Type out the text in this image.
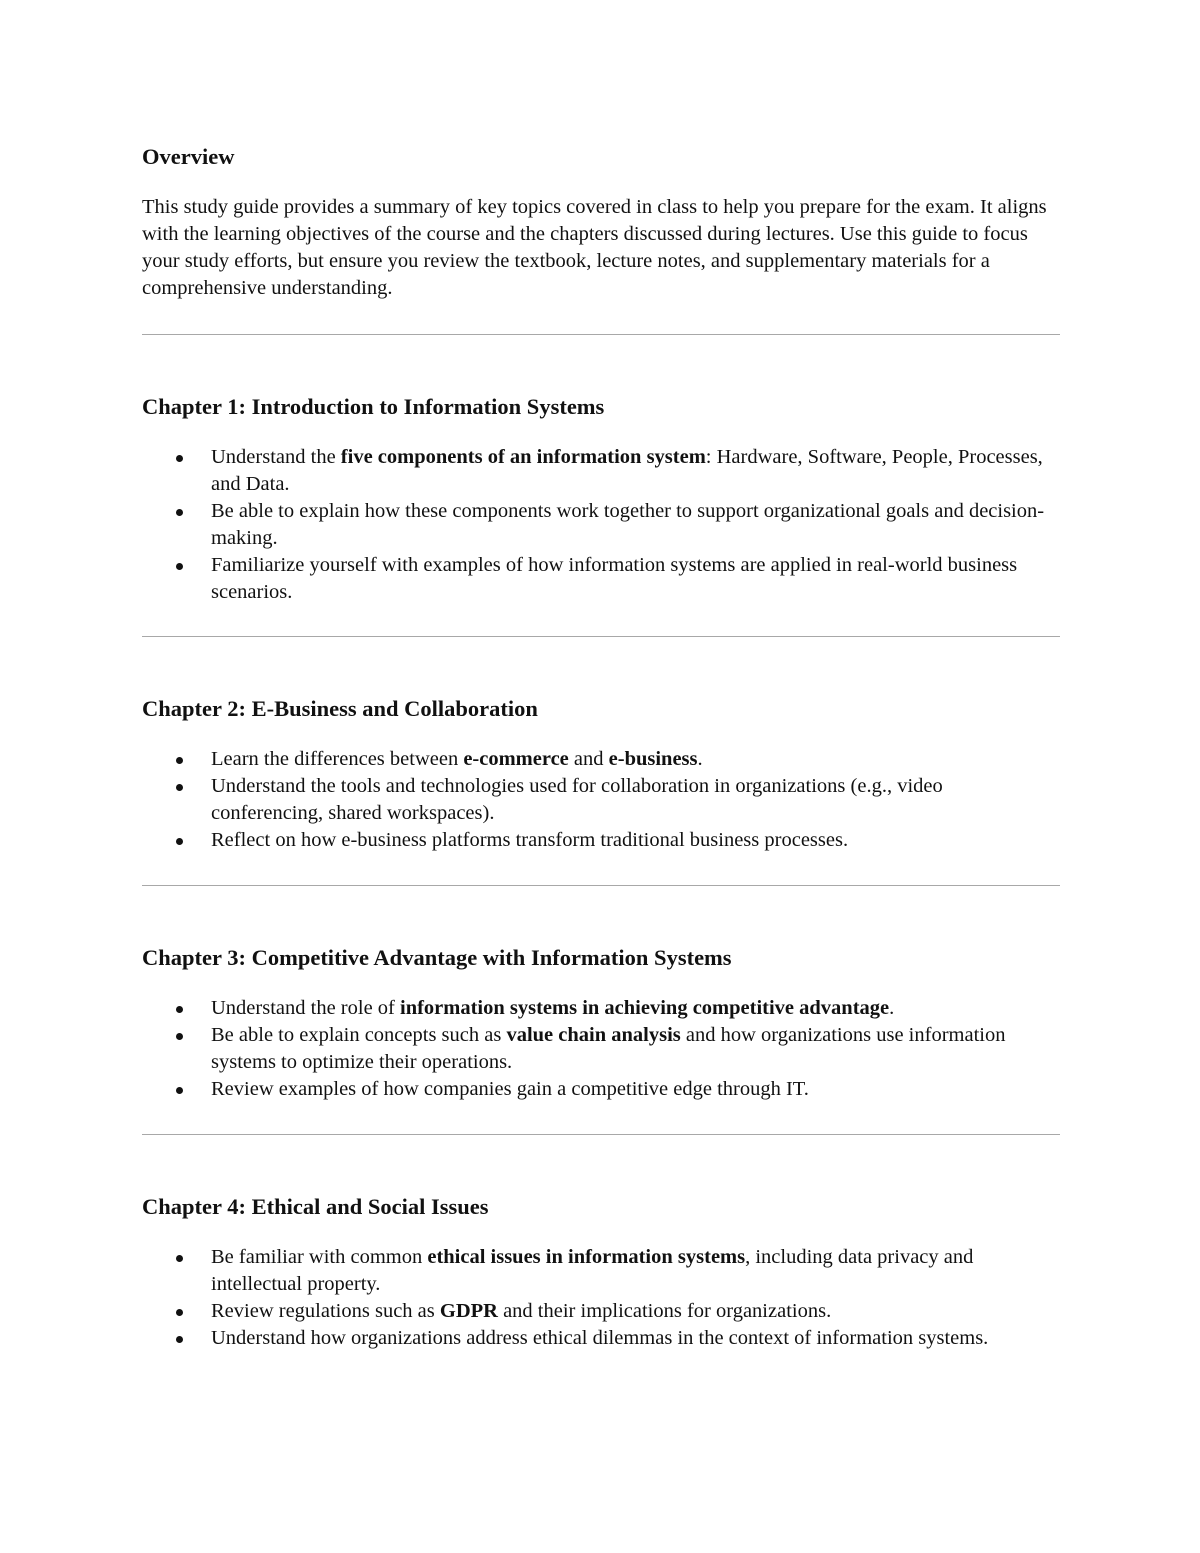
Overview

This study guide provides a summary of key topics covered in class to help you prepare for the exam. It aligns with the learning objectives of the course and the chapters discussed during lectures. Use this guide to focus your study efforts, but ensure you review the textbook, lecture notes, and supplementary materials for a comprehensive understanding.

Chapter 1: Introduction to Information Systems

Understand the five components of an information system: Hardware, Software, People, Processes, and Data.
Be able to explain how these components work together to support organizational goals and decision-making.
Familiarize yourself with examples of how information systems are applied in real-world business scenarios.

Chapter 2: E-Business and Collaboration

Learn the differences between e-commerce and e-business.
Understand the tools and technologies used for collaboration in organizations (e.g., video conferencing, shared workspaces).
Reflect on how e-business platforms transform traditional business processes.

Chapter 3: Competitive Advantage with Information Systems

Understand the role of information systems in achieving competitive advantage.
Be able to explain concepts such as value chain analysis and how organizations use information systems to optimize their operations.
Review examples of how companies gain a competitive edge through IT.

Chapter 4: Ethical and Social Issues

Be familiar with common ethical issues in information systems, including data privacy and intellectual property.
Review regulations such as GDPR and their implications for organizations.
Understand how organizations address ethical dilemmas in the context of information systems.
